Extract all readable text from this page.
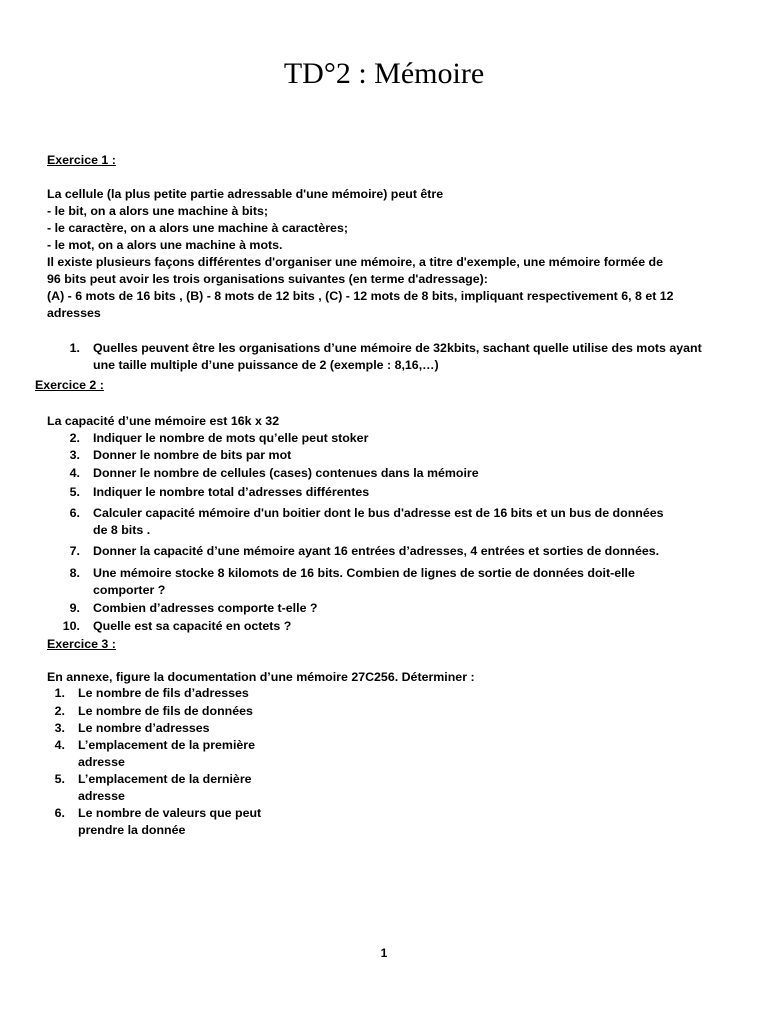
TD°2 : Mémoire
Exercice 1 :
La cellule (la plus petite partie adressable d'une mémoire) peut être
- le bit, on a alors une machine à bits;
- le caractère, on a alors une machine à caractères;
- le mot, on a alors une machine à mots.
Il existe plusieurs façons différentes d'organiser une mémoire, a titre d'exemple, une mémoire formée de
96 bits peut avoir les trois organisations suivantes (en terme d'adressage):
(A) - 6 mots de 16 bits , (B) - 8 mots de 12 bits , (C) - 12 mots de 8 bits, impliquant respectivement 6, 8 et 12
adresses
1. Quelles peuvent être les organisations d’une mémoire de 32kbits, sachant quelle utilise des mots ayant
une taille multiple d’une puissance de 2 (exemple : 8,16,…)
Exercice 2 :
La capacité d’une mémoire est 16k x 32
2. Indiquer le nombre de mots qu’elle peut stoker
3. Donner le nombre de bits par mot
4. Donner le nombre de cellules (cases) contenues dans la mémoire
5. Indiquer le nombre total d’adresses différentes
6. Calculer capacité mémoire d'un boitier dont le bus d'adresse est de 16 bits et un bus de données
de 8 bits .
7. Donner la capacité d’une mémoire ayant 16 entrées d’adresses, 4 entrées et sorties de données.
8. Une mémoire stocke 8 kilomots de 16 bits. Combien de lignes de sortie de données doit-elle
comporter ?
9. Combien d’adresses comporte t-elle ?
10. Quelle est sa capacité en octets ?
Exercice 3 :
En annexe, figure la documentation d’une mémoire 27C256. Déterminer :
1. Le nombre de fils d’adresses
2. Le nombre de fils de données
3. Le nombre d’adresses
4. L’emplacement de la première
adresse
5. L’emplacement de la dernière
adresse
6. Le nombre de valeurs que peut
prendre la donnée
1
